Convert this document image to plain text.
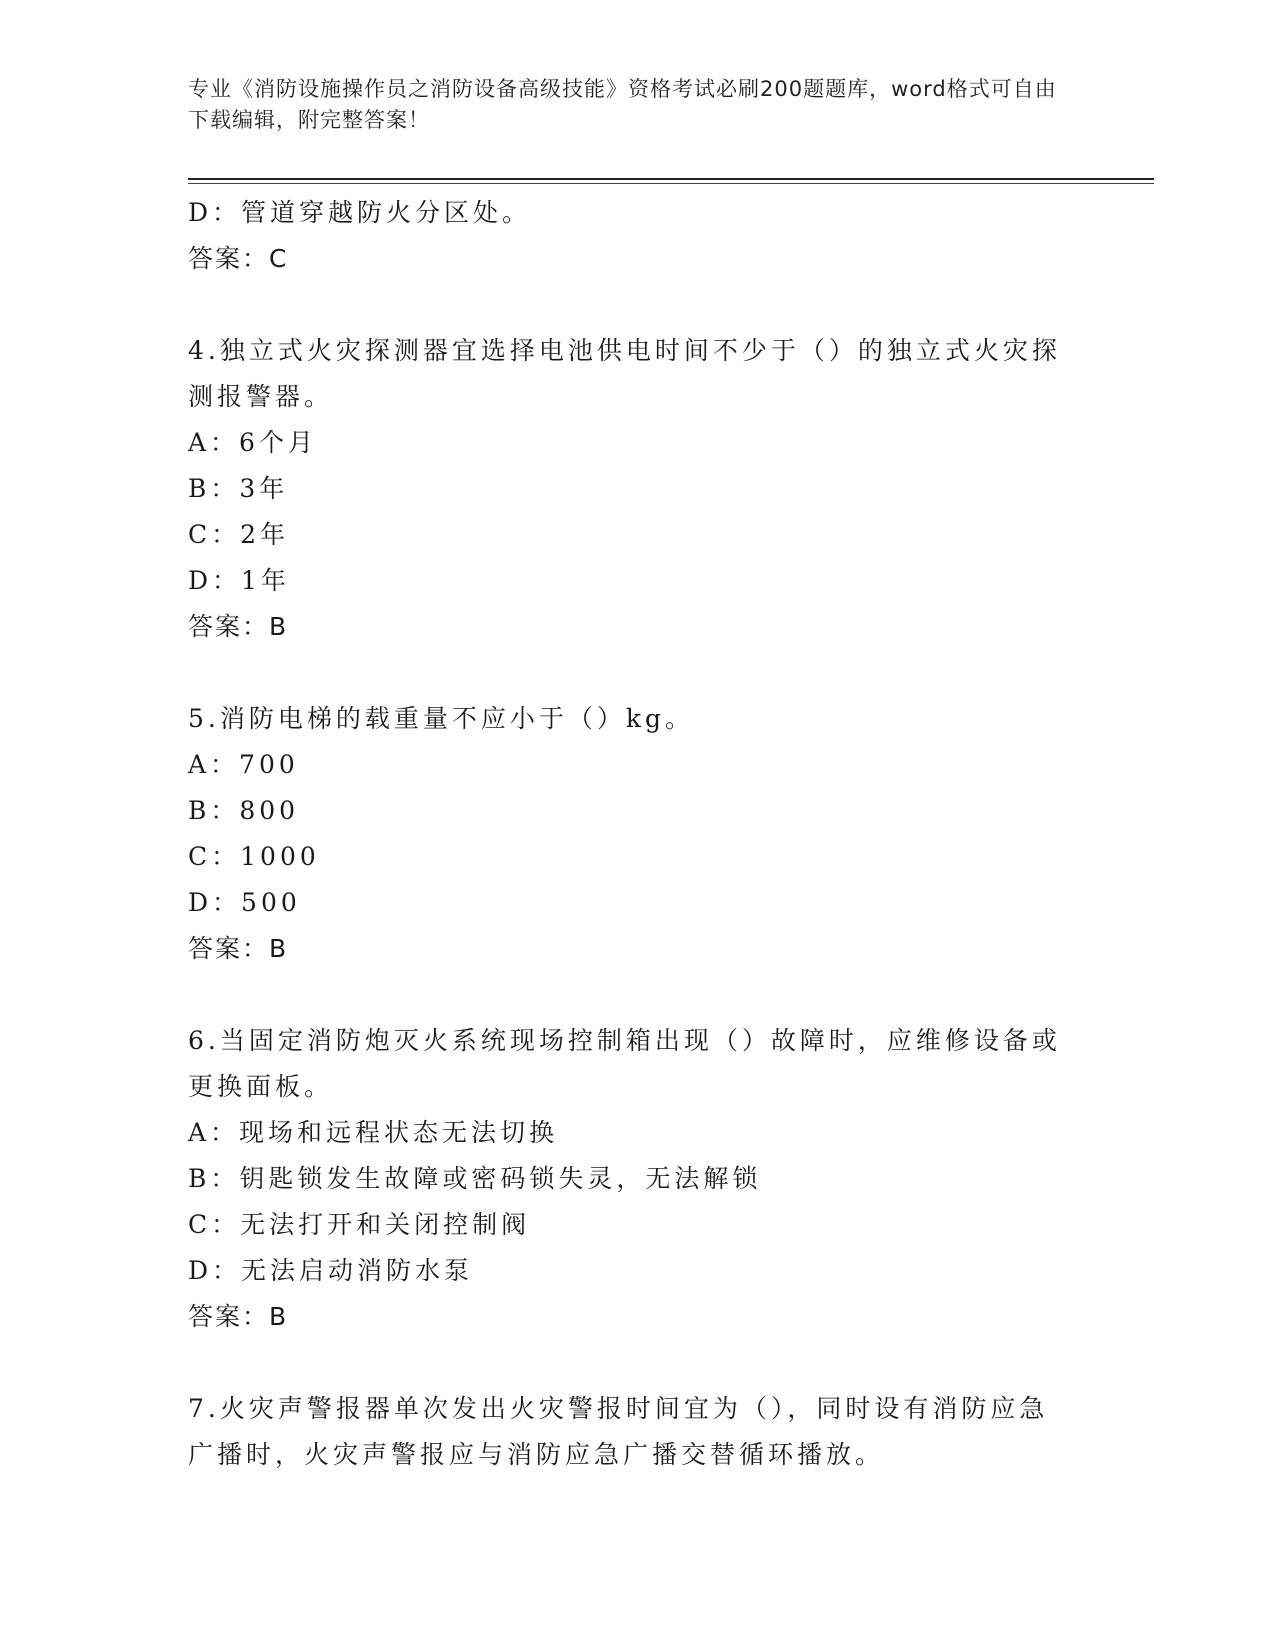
专业《消防设施操作员之消防设备高级技能》资格考试必刷200题题库，word格式可自由下载编辑，附完整答案！
D：管道穿越防火分区处。
答案：C
4.独立式火灾探测器宜选择电池供电时间不少于（）的独立式火灾探测报警器。
A：6个月
B：3年
C：2年
D：1年
答案：B
5.消防电梯的载重量不应小于（）kg。
A：700
B：800
C：1000
D：500
答案：B
6.当固定消防炮灭火系统现场控制箱出现（）故障时，应维修设备或更换面板。
A：现场和远程状态无法切换
B：钥匙锁发生故障或密码锁失灵，无法解锁
C：无法打开和关闭控制阀
D：无法启动消防水泵
答案：B
7.火灾声警报器单次发出火灾警报时间宜为（），同时设有消防应急广播时，火灾声警报应与消防应急广播交替循环播放。
